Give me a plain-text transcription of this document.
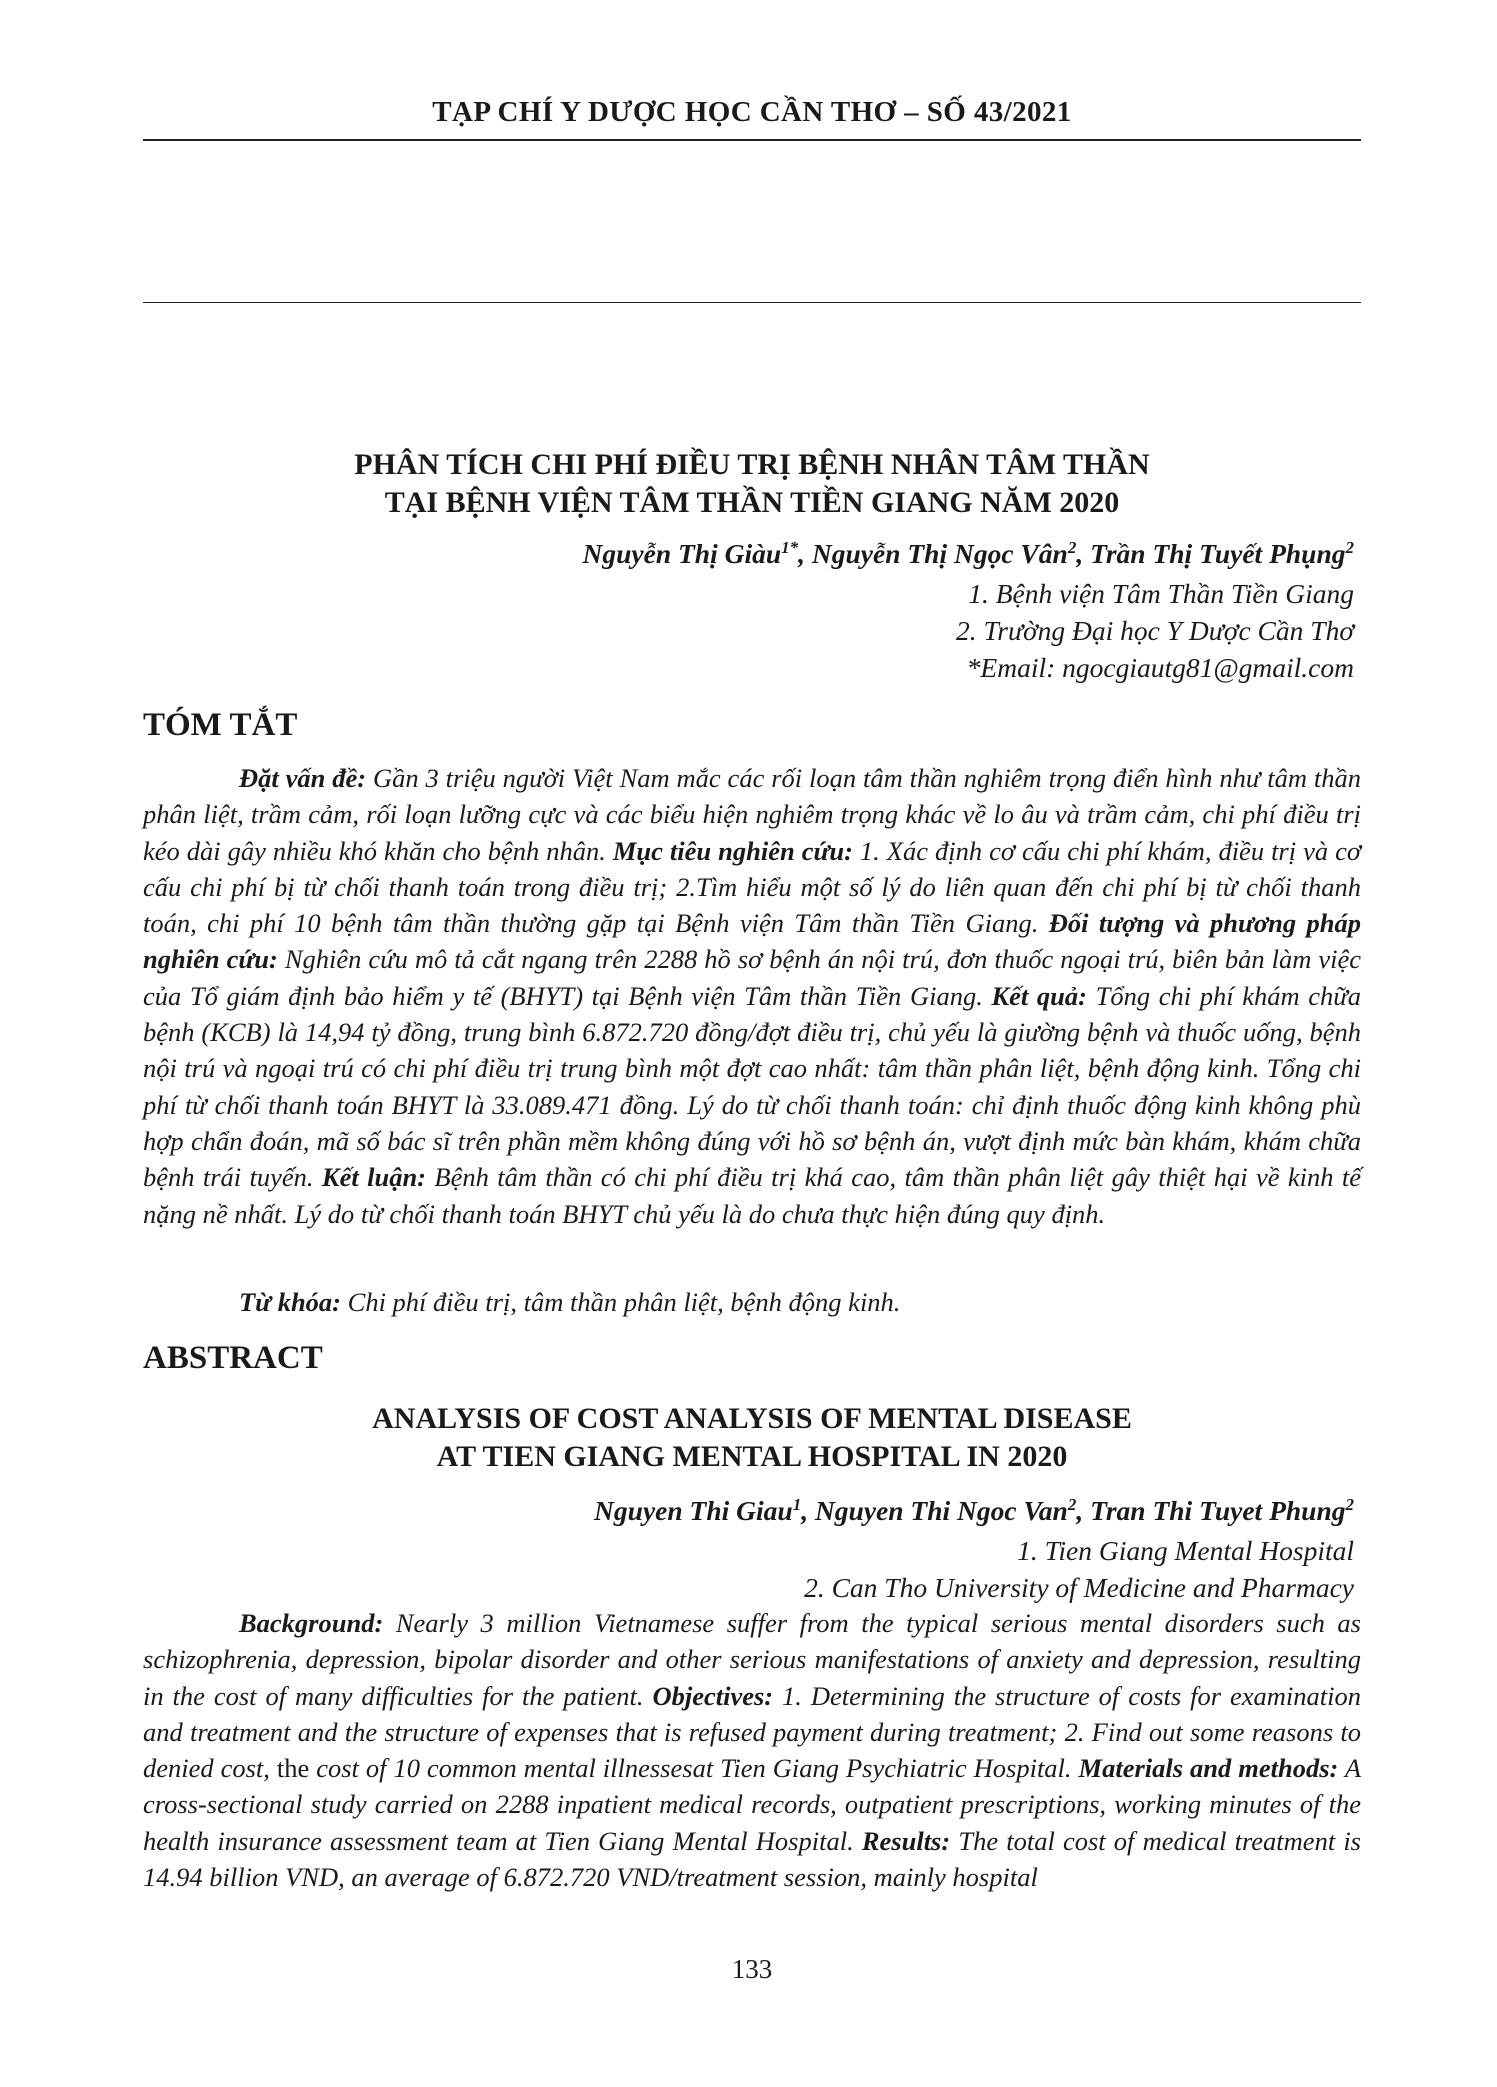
TẠP CHÍ Y DƯỢC HỌC CẦN THƠ – SỐ 43/2021
PHÂN TÍCH CHI PHÍ ĐIỀU TRỊ BỆNH NHÂN TÂM THẦN
TẠI BỆNH VIỆN TÂM THẦN TIỀN GIANG NĂM 2020
Nguyễn Thị Giàu$^{1*}$, Nguyễn Thị Ngọc Vân$^2$, Trần Thị Tuyết Phụng$^2$
1. Bệnh viện Tâm Thần Tiền Giang
2. Trường Đại học Y Dược Cần Thơ
*Email: ngocgiautg81@gmail.com
TÓM TẮT
Đặt vấn đề: Gần 3 triệu người Việt Nam mắc các rối loạn tâm thần nghiêm trọng điển hình như tâm thần phân liệt, trầm cảm, rối loạn lưỡng cực và các biểu hiện nghiêm trọng khác về lo âu và trầm cảm, chi phí điều trị kéo dài gây nhiều khó khăn cho bệnh nhân. Mục tiêu nghiên cứu: 1. Xác định cơ cấu chi phí khám, điều trị và cơ cấu chi phí bị từ chối thanh toán trong điều trị; 2.Tìm hiểu một số lý do liên quan đến chi phí bị từ chối thanh toán, chi phí 10 bệnh tâm thần thường gặp tại Bệnh viện Tâm thần Tiền Giang. Đối tượng và phương pháp nghiên cứu: Nghiên cứu mô tả cắt ngang trên 2288 hồ sơ bệnh án nội trú, đơn thuốc ngoại trú, biên bản làm việc của Tổ giám định bảo hiểm y tế (BHYT) tại Bệnh viện Tâm thần Tiền Giang. Kết quả: Tổng chi phí khám chữa bệnh (KCB) là 14,94 tỷ đồng, trung bình 6.872.720 đồng/đợt điều trị, chủ yếu là giường bệnh và thuốc uống, bệnh nội trú và ngoại trú có chi phí điều trị trung bình một đợt cao nhất: tâm thần phân liệt, bệnh động kinh. Tổng chi phí từ chối thanh toán BHYT là 33.089.471 đồng. Lý do từ chối thanh toán: chỉ định thuốc động kinh không phù hợp chẩn đoán, mã số bác sĩ trên phần mềm không đúng với hồ sơ bệnh án, vượt định mức bàn khám, khám chữa bệnh trái tuyến. Kết luận: Bệnh tâm thần có chi phí điều trị khá cao, tâm thần phân liệt gây thiệt hại về kinh tế nặng nề nhất. Lý do từ chối thanh toán BHYT chủ yếu là do chưa thực hiện đúng quy định.
Từ khóa: Chi phí điều trị, tâm thần phân liệt, bệnh động kinh.
ABSTRACT
ANALYSIS OF COST ANALYSIS OF MENTAL DISEASE
AT TIEN GIANG MENTAL HOSPITAL IN 2020
Nguyen Thi Giau$^1$, Nguyen Thi Ngoc Van$^2$, Tran Thi Tuyet Phung$^2$
1. Tien Giang Mental Hospital
2. Can Tho University of Medicine and Pharmacy
Background: Nearly 3 million Vietnamese suffer from the typical serious mental disorders such as schizophrenia, depression, bipolar disorder and other serious manifestations of anxiety and depression, resulting in the cost of many difficulties for the patient. Objectives: 1. Determining the structure of costs for examination and treatment and the structure of expenses that is refused payment during treatment; 2. Find out some reasons to denied cost, the cost of 10 common mental illnessesat Tien Giang Psychiatric Hospital. Materials and methods: A cross-sectional study carried on 2288 inpatient medical records, outpatient prescriptions, working minutes of the health insurance assessment team at Tien Giang Mental Hospital. Results: The total cost of medical treatment is 14.94 billion VND, an average of 6.872.720 VND/treatment session, mainly hospital
133
